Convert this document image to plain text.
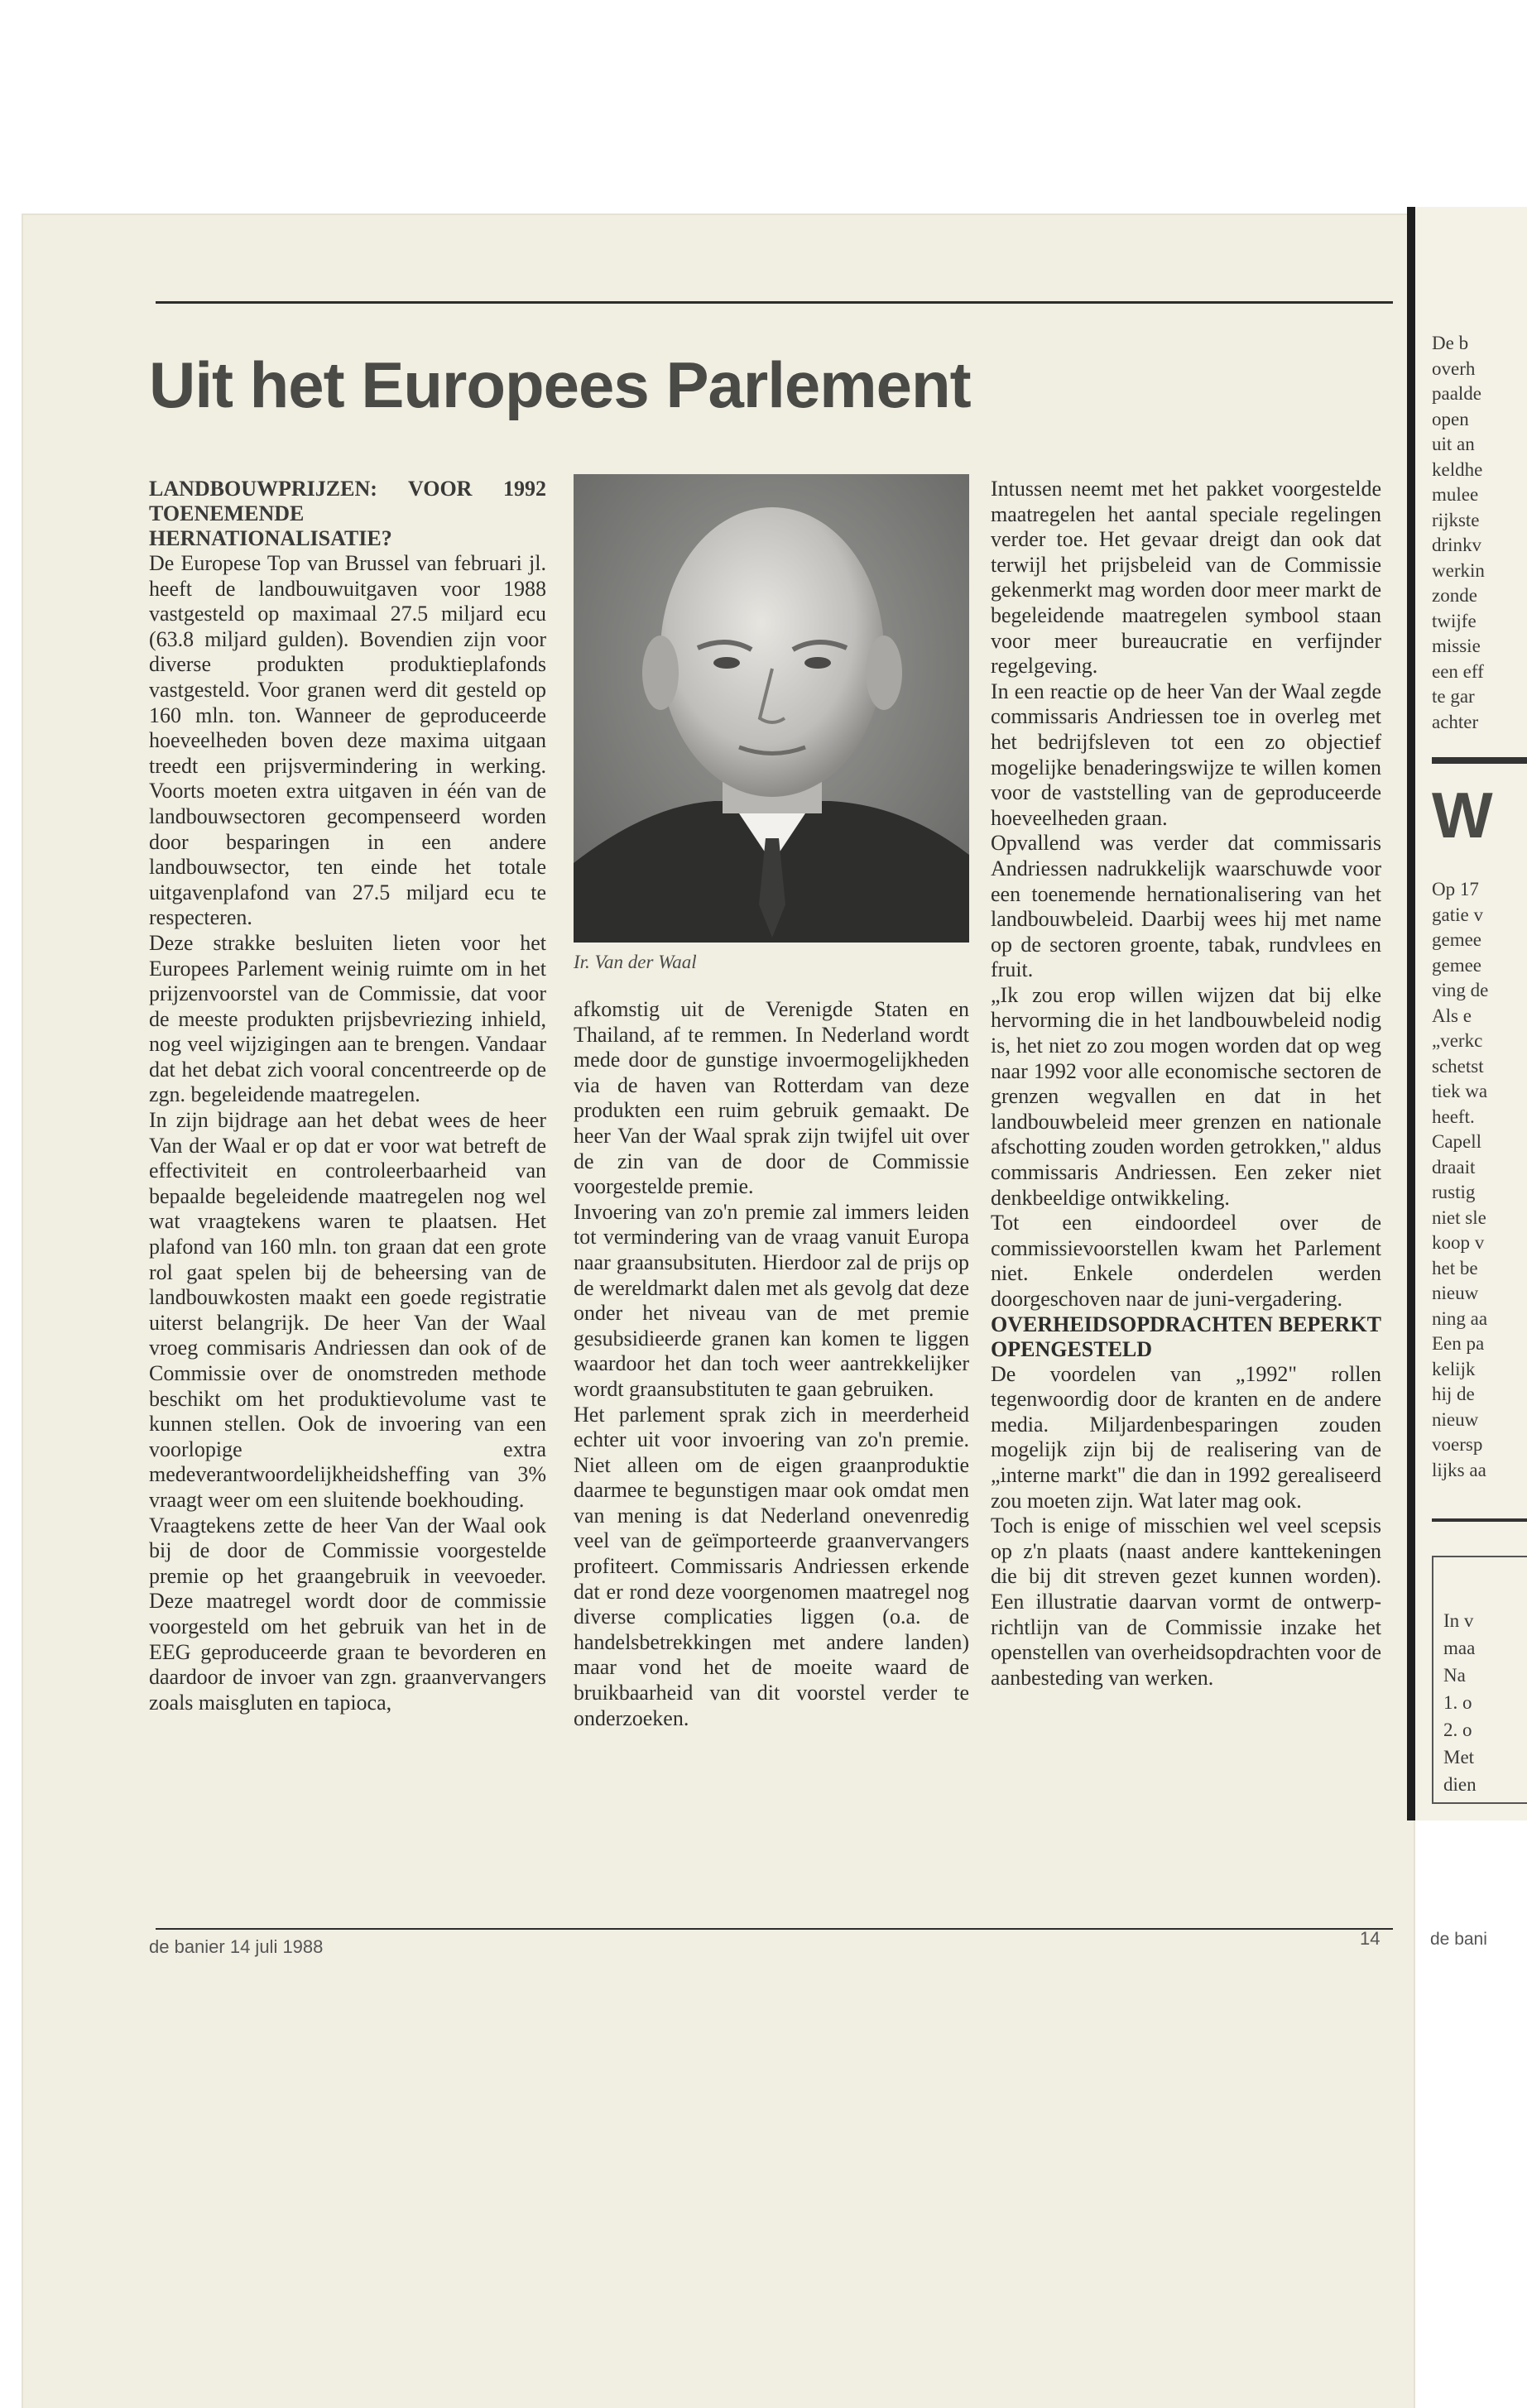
Uit het Europees Parlement

LANDBOUWPRIJZEN: VOOR 1992 TOENEMENDE HERNATIONALISATIE?

De Europese Top van Brussel van februari jl. heeft de landbouwuitgaven voor 1988 vastgesteld op maximaal 27.5 miljard ecu (63.8 miljard gulden). Bovendien zijn voor diverse produkten produktieplafonds vastgesteld. Voor granen werd dit gesteld op 160 mln. ton. Wanneer de geproduceerde hoeveelheden boven deze maxima uitgaan treedt een prijsvermindering in werking. Voorts moeten extra uitgaven in één van de landbouwsectoren gecompenseerd worden door besparingen in een andere landbouwsector, ten einde het totale uitgavenplafond van 27.5 miljard ecu te respecteren.

Deze strakke besluiten lieten voor het Europees Parlement weinig ruimte om in het prijzenvoorstel van de Commissie, dat voor de meeste produkten prijsbevriezing inhield, nog veel wijzigingen aan te brengen. Vandaar dat het debat zich vooral concentreerde op de zgn. begeleidende maatregelen.

In zijn bijdrage aan het debat wees de heer Van der Waal er op dat er voor wat betreft de effectiviteit en controleerbaarheid van bepaalde begeleidende maatregelen nog wel wat vraagtekens waren te plaatsen. Het plafond van 160 mln. ton graan dat een grote rol gaat spelen bij de beheersing van de landbouwkosten maakt een goede registratie uiterst belangrijk. De heer Van der Waal vroeg commisaris Andriessen dan ook of de Commissie over de onomstreden methode beschikt om het produktievolume vast te kunnen stellen. Ook de invoering van een voorlopige extra medeverantwoordelijkheidsheffing van 3% vraagt weer om een sluitende boekhouding.

Vraagtekens zette de heer Van der Waal ook bij de door de Commissie voorgestelde premie op het graangebruik in veevoeder. Deze maatregel wordt door de commissie voorgesteld om het gebruik van het in de EEG geproduceerde graan te bevorderen en daardoor de invoer van zgn. graanvervangers zoals maisgluten en tapioca,

Ir. Van der Waal

afkomstig uit de Verenigde Staten en Thailand, af te remmen. In Nederland wordt mede door de gunstige invoermogelijkheden via de haven van Rotterdam van deze produkten een ruim gebruik gemaakt. De heer Van der Waal sprak zijn twijfel uit over de zin van de door de Commissie voorgestelde premie.

Invoering van zo'n premie zal immers leiden tot vermindering van de vraag vanuit Europa naar graansubsituten. Hierdoor zal de prijs op de wereldmarkt dalen met als gevolg dat deze onder het niveau van de met premie gesubsidieerde granen kan komen te liggen waardoor het dan toch weer aantrekkelijker wordt graansubstituten te gaan gebruiken.

Het parlement sprak zich in meerderheid echter uit voor invoering van zo'n premie. Niet alleen om de eigen graanproduktie daarmee te begunstigen maar ook omdat men van mening is dat Nederland onevenredig veel van de geïmporteerde graanvervangers profiteert. Commissaris Andriessen erkende dat er rond deze voorgenomen maatregel nog diverse complicaties liggen (o.a. de handelsbetrekkingen met andere landen) maar vond het de moeite waard de bruikbaarheid van dit voorstel verder te onderzoeken.

Intussen neemt met het pakket voorgestelde maatregelen het aantal speciale regelingen verder toe. Het gevaar dreigt dan ook dat terwijl het prijsbeleid van de Commissie gekenmerkt mag worden door meer markt de begeleidende maatregelen symbool staan voor meer bureaucratie en verfijnder regelgeving.

In een reactie op de heer Van der Waal zegde commissaris Andriessen toe in overleg met het bedrijfsleven tot een zo objectief mogelijke benaderingswijze te willen komen voor de vaststelling van de geproduceerde hoeveelheden graan.

Opvallend was verder dat commissaris Andriessen nadrukkelijk waarschuwde voor een toenemende hernationalisering van het landbouwbeleid. Daarbij wees hij met name op de sectoren groente, tabak, rundvlees en fruit.

„Ik zou erop willen wijzen dat bij elke hervorming die in het landbouwbeleid nodig is, het niet zo zou mogen worden dat op weg naar 1992 voor alle economische sectoren de grenzen wegvallen en dat in het landbouwbeleid meer grenzen en nationale afschotting zouden worden getrokken," aldus commissaris Andriessen. Een zeker niet denkbeeldige ontwikkeling.

Tot een eindoordeel over de commissievoorstellen kwam het Parlement niet. Enkele onderdelen werden doorgeschoven naar de juni-vergadering.

OVERHEIDSOPDRACHTEN BEPERKT OPENGESTELD

De voordelen van „1992" rollen tegenwoordig door de kranten en de andere media. Miljardenbesparingen zouden mogelijk zijn bij de realisering van de „interne markt" die dan in 1992 gerealiseerd zou moeten zijn. Wat later mag ook.

Toch is enige of misschien wel veel scepsis op z'n plaats (naast andere kanttekeningen die bij dit streven gezet kunnen worden). Een illustratie daarvan vormt de ontwerp-richtlijn van de Commissie inzake het openstellen van overheidsopdrachten voor de aanbesteding van werken.

de banier 14 juli 1988	14
De b
overh
paalde
open
uit an
keldhe
mulee
rijkste
drinkv
werkin
zonde
twijfe
missie
een eff
te gar
achter
W
Op 17
gatie v
gemee
gemee
ving de
Als e
„verkc
schetst
tiek wa
heeft.
Capell
draait
rustig
niet sle
koop v
het be
nieuw
ning aa
Een pa
kelijk
hij de
nieuw
voersp
lijks aa
In v
maa
Na
1. o
2. o
Met
dien
de bani
